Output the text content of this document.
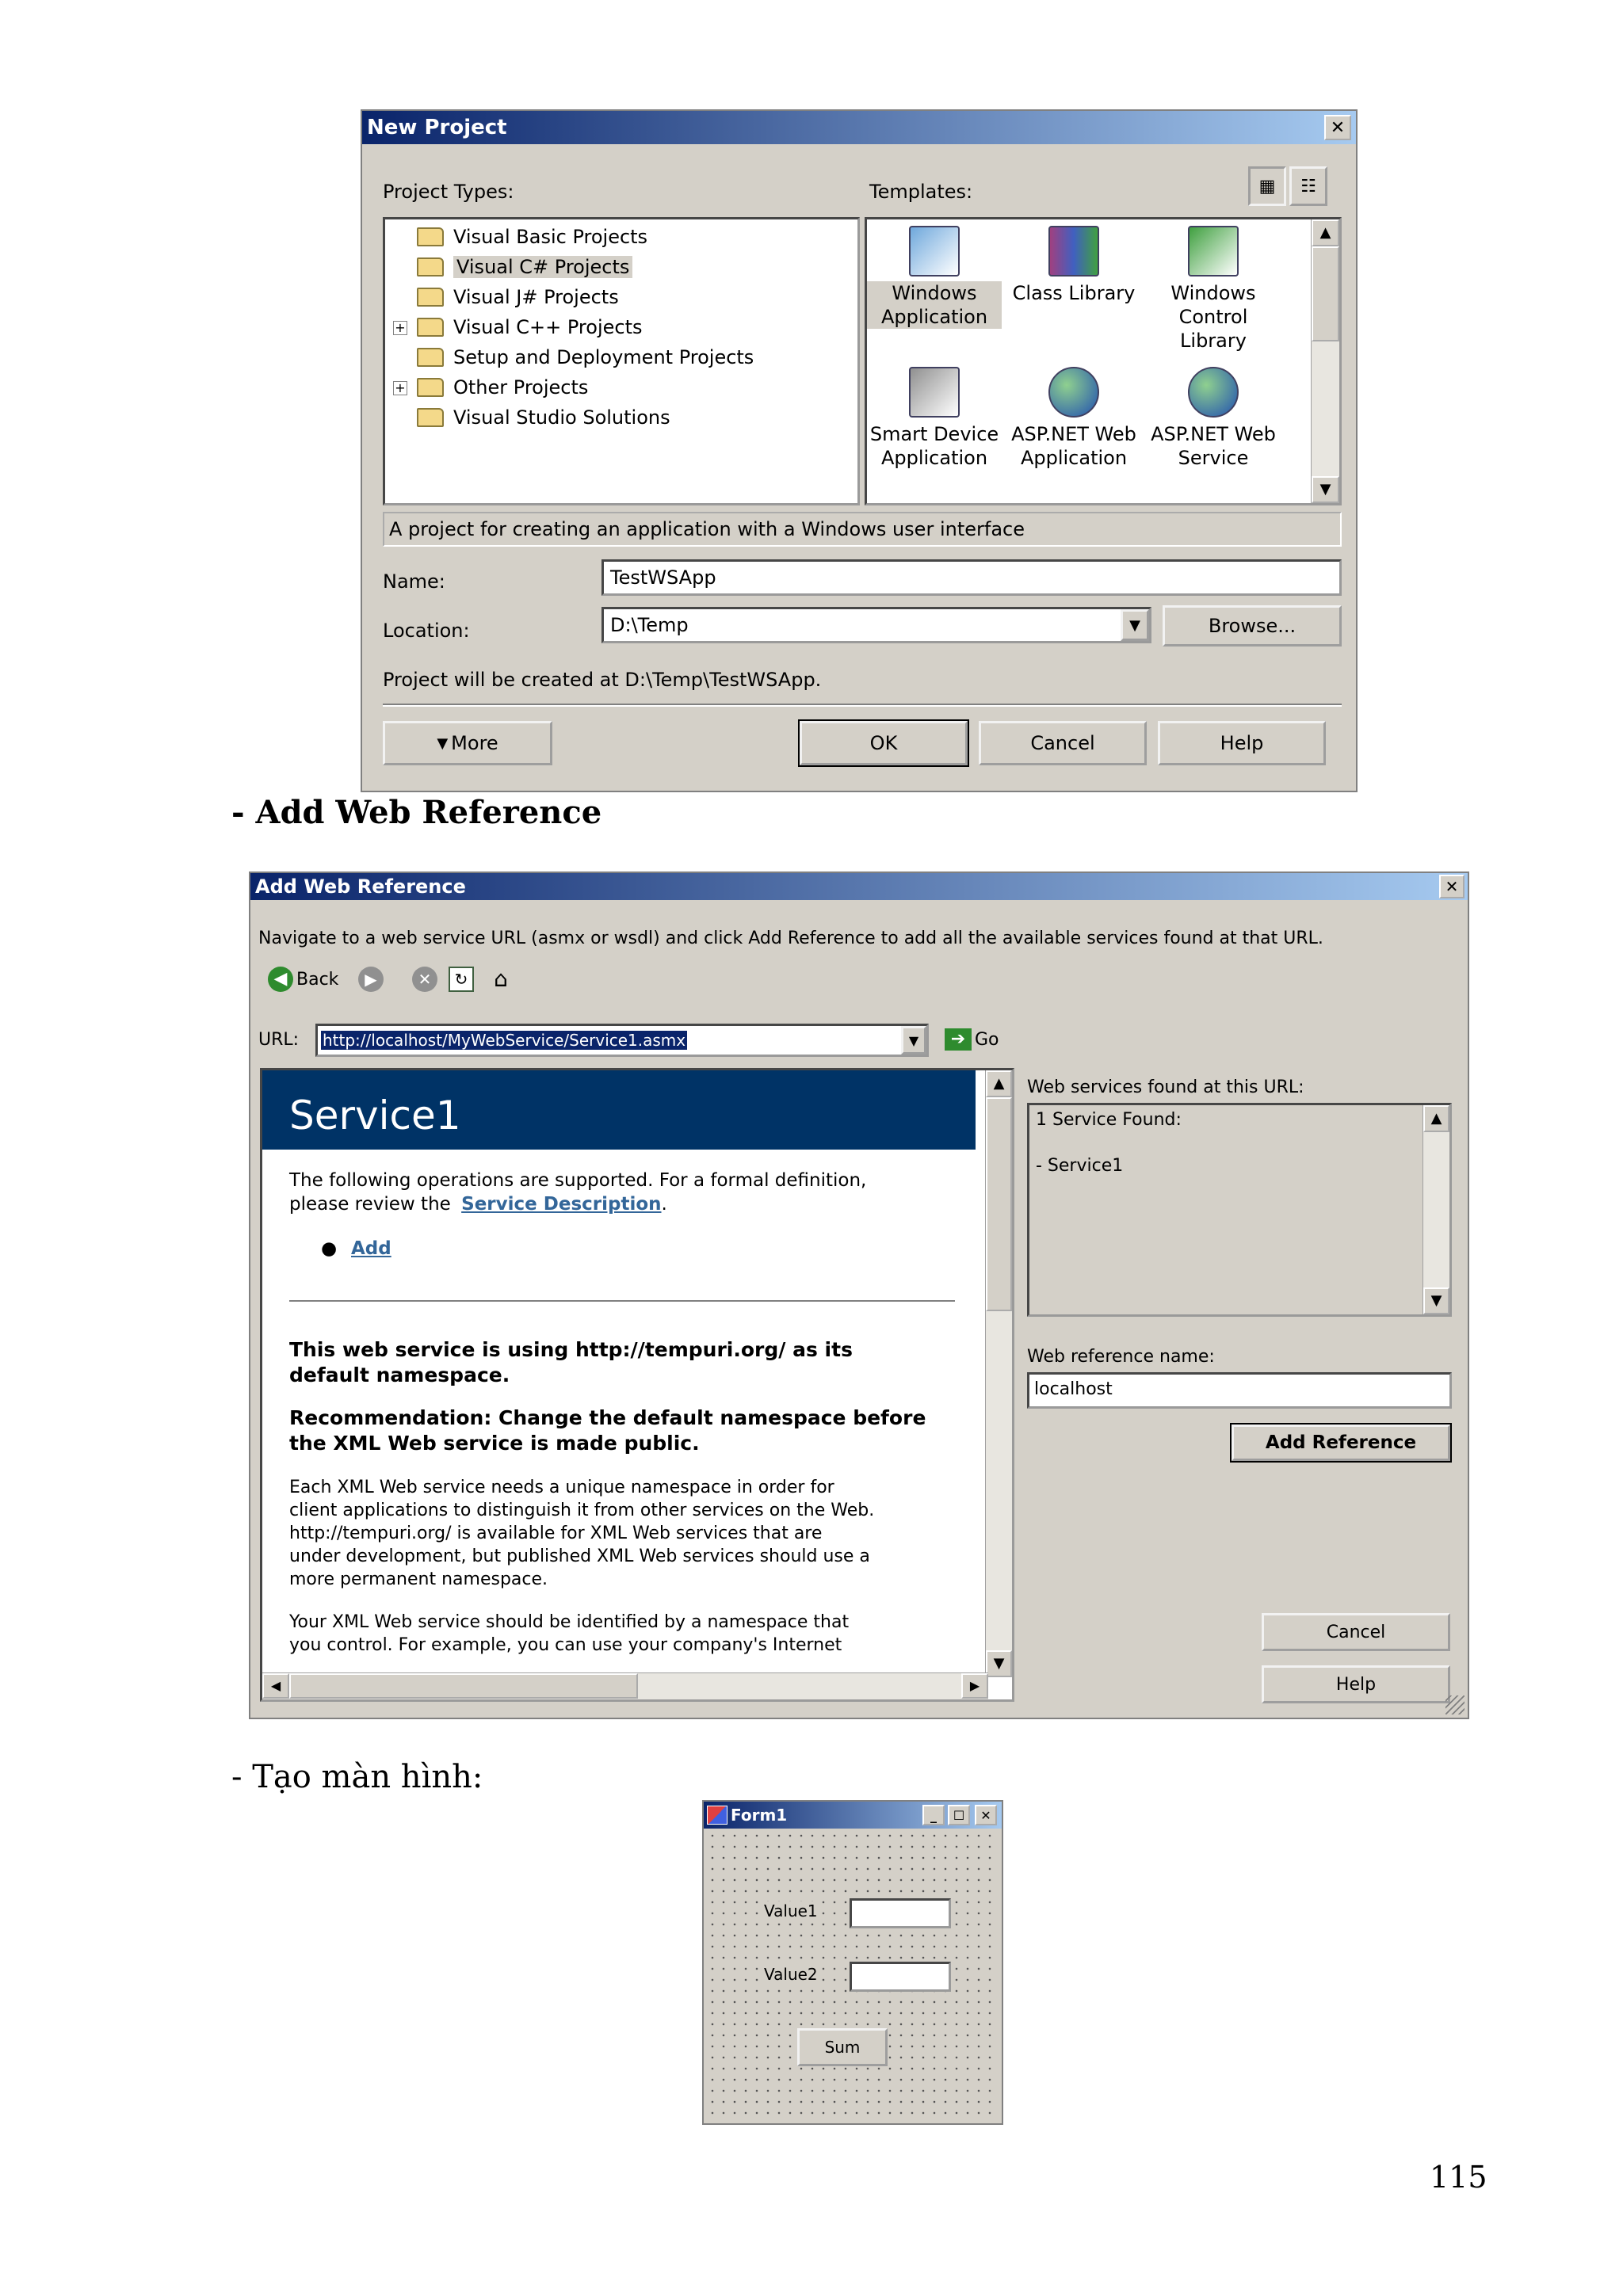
New Project	✕
Project Types:	Templates:	▦	☷
Visual Basic Projects
Visual C# Projects
Visual J# Projects
+	Visual C++ Projects
Setup and Deployment Projects
+	Other Projects
Visual Studio Solutions
Windows
Application
Class Library	Windows
Control Library
Smart Device
Application
ASP.NET Web
Application
ASP.NET Web
Service
▲
▼
A project for creating an application with a Windows user interface
Name:	TestWSApp
Location:	D:\Temp	▼	Browse...
Project will be created at D:\Temp\TestWSApp.
▼ More	OK	Cancel	Help
- Add Web Reference
Add Web Reference	✕
Navigate to a web service URL (asmx or wsdl) and click Add Reference to add all the available services found at that URL.
◀ Back	▶	✕	↻ ⌂
URL: http://localhost/MyWebService/Service1.asmx	▼	➔ Go
Service1
The following operations are supported. For a formal definition,
please review the Service Description.
● Add
This web service is using http://tempuri.org/ as its
default namespace.
Recommendation: Change the default namespace before
the XML Web service is made public.
Each XML Web service needs a unique namespace in order for
client applications to distinguish it from other services on the Web.
http://tempuri.org/ is available for XML Web services that are
under development, but published XML Web services should use a
more permanent namespace.
Your XML Web service should be identified by a namespace that
you control. For example, you can use your company's Internet
▲
▼
◀	▶
Web services found at this URL:
1 Service Found:
- Service1
▲
▼
Web reference name:
localhost
Add Reference
Cancel
Help
- Tạo màn hình:
Form1	_	☐	✕
Value1
Value2
Sum
115
